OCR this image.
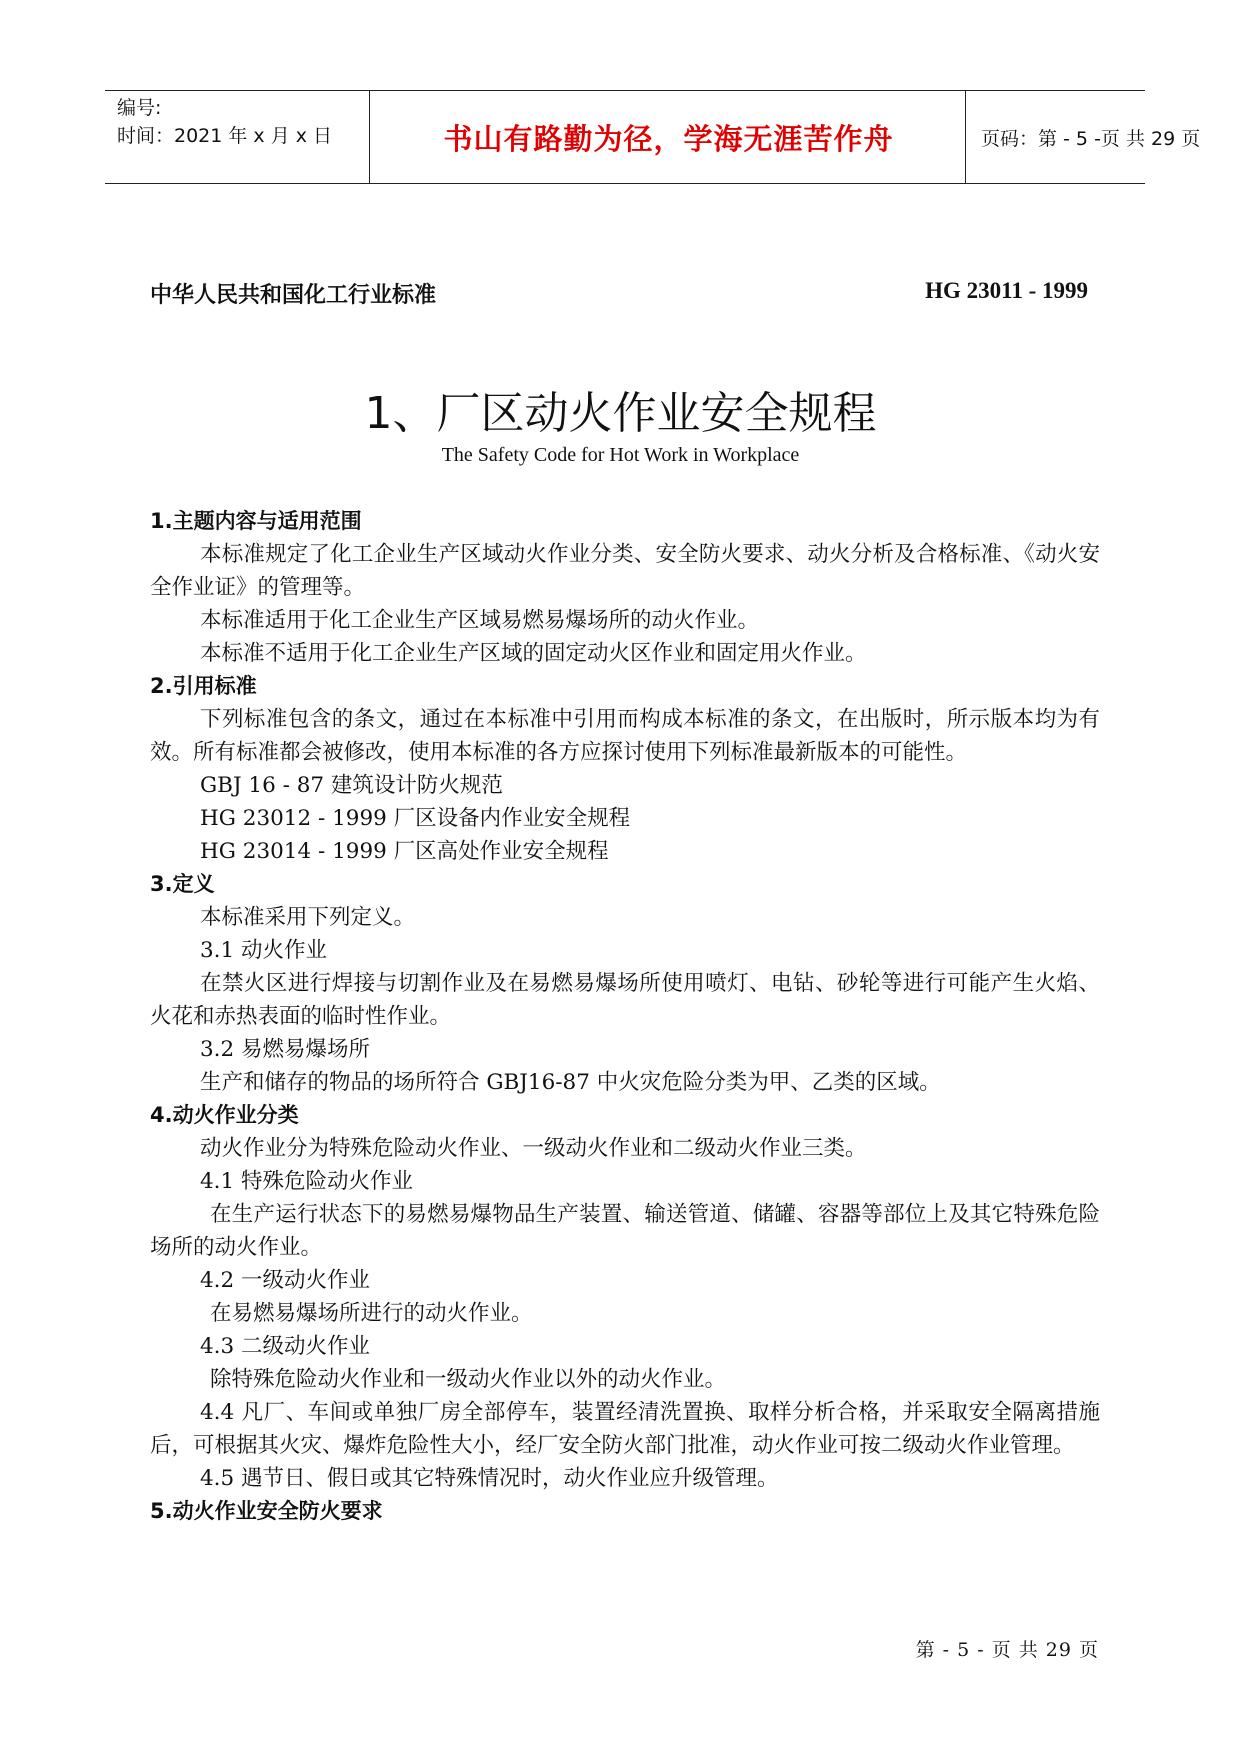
编号:
时间：2021 年 x 月 x 日	书山有路勤为径，学海无涯苦作舟	页码：第 - 5 -页 共 29 页
中华人民共和国化工行业标准	HG 23011 - 1999
1、厂区动火作业安全规程
The Safety Code for Hot Work in Workplace

1.主题内容与适用范围

本标准规定了化工企业生产区域动火作业分类、安全防火要求、动火分析及合格标准、《动火安全作业证》的管理等。

本标准适用于化工企业生产区域易燃易爆场所的动火作业。

本标准不适用于化工企业生产区域的固定动火区作业和固定用火作业。

2.引用标准

下列标准包含的条文，通过在本标准中引用而构成本标准的条文，在出版时，所示版本均为有效。所有标准都会被修改，使用本标准的各方应探讨使用下列标准最新版本的可能性。

GBJ 16 - 87 建筑设计防火规范

HG 23012 - 1999 厂区设备内作业安全规程

HG 23014 - 1999 厂区高处作业安全规程

3.定义

本标准采用下列定义。

3.1 动火作业

在禁火区进行焊接与切割作业及在易燃易爆场所使用喷灯、电钻、砂轮等进行可能产生火焰、火花和赤热表面的临时性作业。

3.2 易燃易爆场所

生产和储存的物品的场所符合 GBJ16-87 中火灾危险分类为甲、乙类的区域。

4.动火作业分类

动火作业分为特殊危险动火作业、一级动火作业和二级动火作业三类。

4.1 特殊危险动火作业

在生产运行状态下的易燃易爆物品生产装置、输送管道、储罐、容器等部位上及其它特殊危险场所的动火作业。

4.2 一级动火作业

在易燃易爆场所进行的动火作业。

4.3 二级动火作业

除特殊危险动火作业和一级动火作业以外的动火作业。

4.4 凡厂、车间或单独厂房全部停车，装置经清洗置换、取样分析合格，并采取安全隔离措施后，可根据其火灾、爆炸危险性大小，经厂安全防火部门批准，动火作业可按二级动火作业管理。

4.5 遇节日、假日或其它特殊情况时，动火作业应升级管理。

5.动火作业安全防火要求

第 - 5 - 页 共 29 页
